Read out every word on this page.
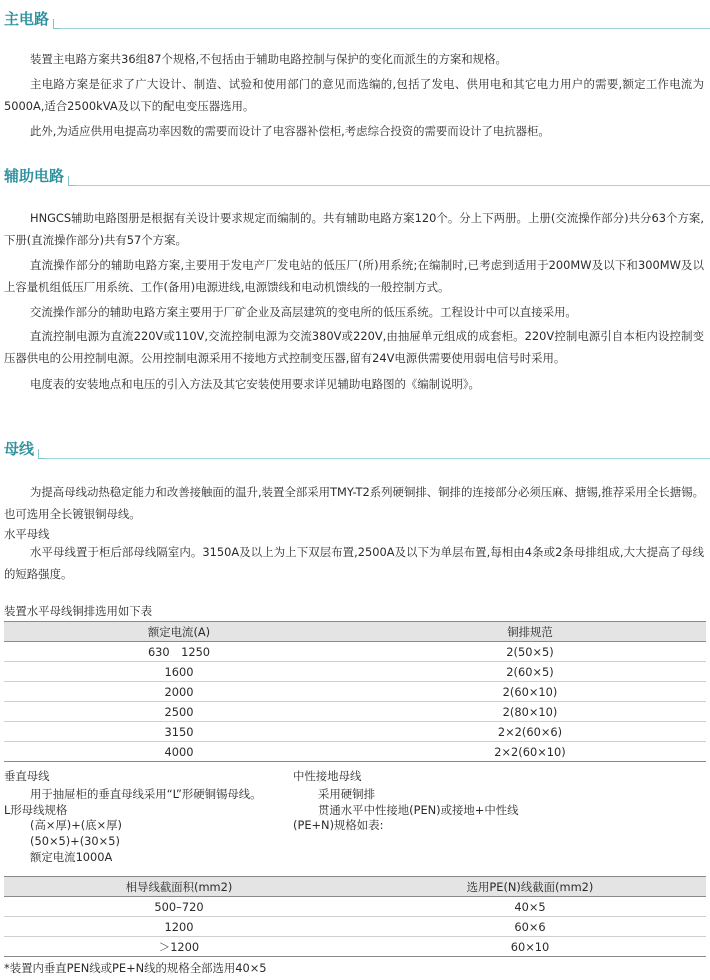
主电路

装置主电路方案共36组87个规格,不包括由于辅助电路控制与保护的变化而派生的方案和规格。

主电路方案是征求了广大设计、制造、试验和使用部门的意见而选编的,包括了发电、供用电和其它电力用户的需要,额定工作电流为5000A,适合2500kVA及以下的配电变压器选用。

此外,为适应供用电提高功率因数的需要而设计了电容器补偿柜,考虑综合投资的需要而设计了电抗器柜。

辅助电路

HNGCS辅助电路图册是根据有关设计要求规定而编制的。共有辅助电路方案120个。分上下两册。上册(交流操作部分)共分63个方案,下册(直流操作部分)共有57个方案。

直流操作部分的辅助电路方案,主要用于发电产厂发电站的低压厂(所)用系统;在编制时,已考虑到适用于200MW及以下和300MW及以上容量机组低压厂用系统、工作(备用)电源进线,电源馈线和电动机馈线的一般控制方式。

交流操作部分的辅助电路方案主要用于厂矿企业及高层建筑的变电所的低压系统。工程设计中可以直接采用。

直流控制电源为直流220V或110V,交流控制电源为交流380V或220V,由抽屉单元组成的成套柜。220V控制电源引自本柜内设控制变压器供电的公用控制电源。公用控制电源采用不接地方式控制变压器,留有24V电源供需要使用弱电信号时采用。

电度表的安装地点和电压的引入方法及其它安装使用要求详见辅助电路图的《编制说明》。

母线

为提高母线动热稳定能力和改善接触面的温升,装置全部采用TMY-T2系列硬铜排、铜排的连接部分必须压麻、搪锡,推荐采用全长搪锡。也可选用全长镀银铜母线。

水平母线

水平母线置于柜后部母线隔室内。3150A及以上为上下双层布置,2500A及以下为单层布置,每相由4条或2条母排组成,大大提高了母线的短路强度。

装置水平母线铜排选用如下表

额定电流(A)	铜排规范
630　1250	2(50×5)
1600	2(60×5)
2000	2(60×10)
2500	2(80×10)
3150	2×2(60×6)
4000	2×2(60×10)

垂直母线

用于抽屉柜的垂直母线采用“L”形硬铜锡母线。

L形母线规格

(高×厚)+(底×厚)

(50×5)+(30×5)

额定电流1000A

中性接地母线

采用硬铜排

贯通水平中性接地(PEN)或接地+中性线

(PE+N)规格如表:

相导线截面积(mm2)	选用PE(N)线截面(mm2)
500–720	40×5
1200	60×6
＞1200	60×10

*装置内垂直PEN线或PE+N线的规格全部选用40×5
